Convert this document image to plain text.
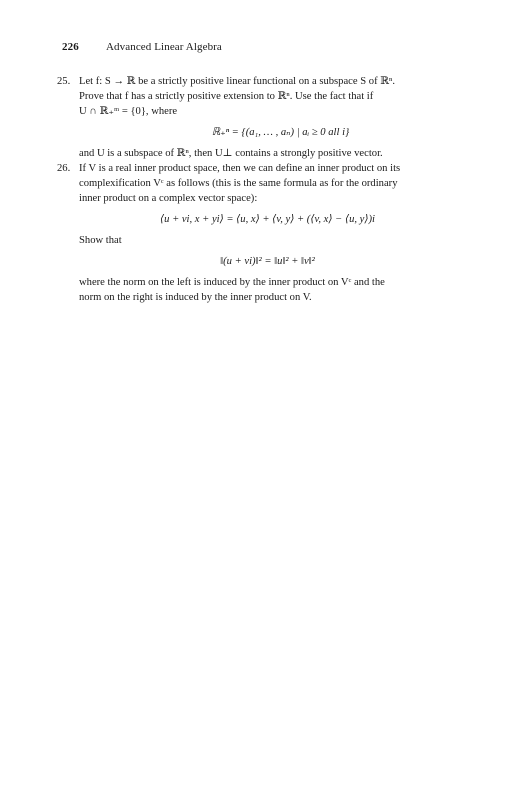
226 Advanced Linear Algebra
25. Let f: S → ℝ be a strictly positive linear functional on a subspace S of ℝⁿ.

Prove that f has a strictly positive extension to ℝⁿ. Use the fact that if

U ∩ ℝ₊ᵐ = {0}, where

ℝ₊ⁿ = {(a₁, … , aₙ) | aᵢ ≥ 0 all i}

and U is a subspace of ℝⁿ, then U⊥ contains a strongly positive vector.

26. If V is a real inner product space, then we can define an inner product on its

complexification Vᶜ as follows (this is the same formula as for the ordinary

inner product on a complex vector space):

⟨u + vi, x + yi⟩ = ⟨u, x⟩ + ⟨v, y⟩ + (⟨v, x⟩ − ⟨u, y⟩)i

Show that

‖(u + vi)‖² = ‖u‖² + ‖v‖²

where the norm on the left is induced by the inner product on Vᶜ and the

norm on the right is induced by the inner product on V.
